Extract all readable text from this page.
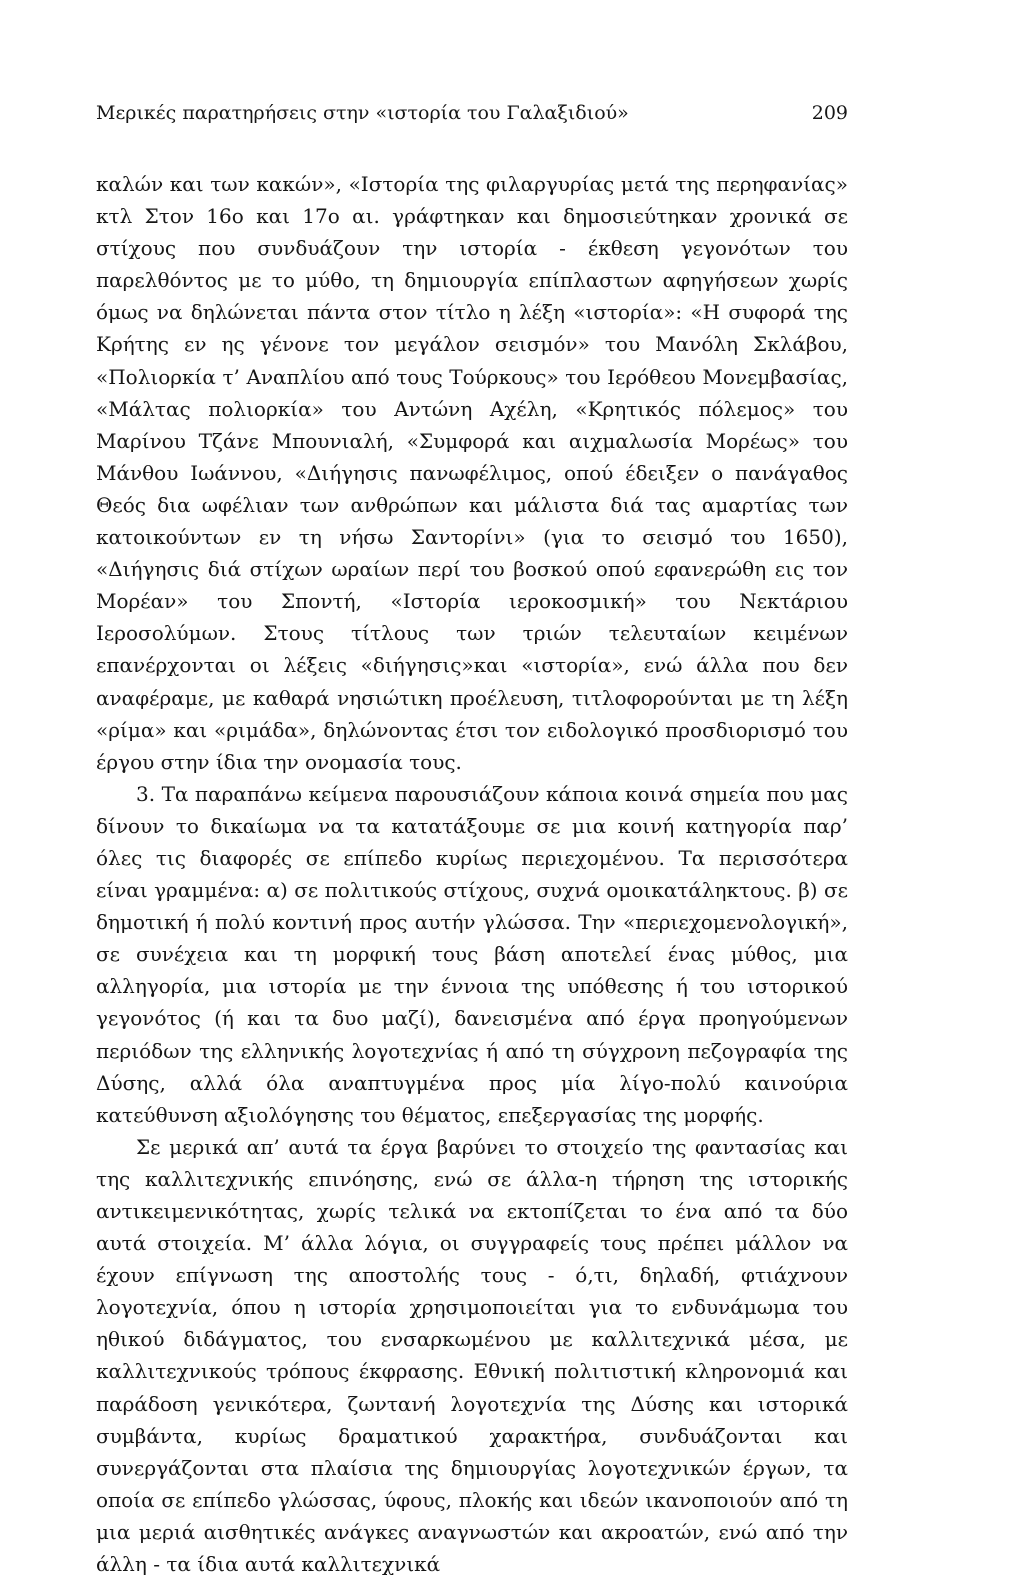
Μερικές παρατηρήσεις στην «ιστορία του Γαλαξιδιού»	209

καλών και των κακών», «Ιστορία της φιλαργυρίας μετά της περηφανίας» κτλ Στον 16ο και 17ο αι. γράφτηκαν και δημοσιεύτηκαν χρονικά σε στίχους που συνδυάζουν την ιστορία - έκθεση γεγονότων του παρελθόντος με το μύθο, τη δημιουργία επίπλαστων αφηγήσεων χωρίς όμως να δηλώνεται πάντα στον τίτλο η λέξη «ιστορία»: «Η συφορά της Κρήτης εν ης γένονε τον μεγάλον σεισμόν» του Μανόλη Σκλάβου, «Πολιορκία τ’ Αναπλίου από τους Τούρκους» του Ιερόθεου Μονεμβασίας, «Μάλτας πολιορκία» του Αντώνη Αχέλη, «Κρητικός πόλεμος» του Μαρίνου Τζάνε Μπουνιαλή, «Συμφορά και αιχμαλωσία Μορέως» του Μάνθου Ιωάννου, «Διήγησις πανωφέλιμος, οπού έδειξεν ο πανάγαθος Θεός δια ωφέλιαν των ανθρώπων και μάλιστα διά τας αμαρτίας των κατοικούντων εν τη νήσω Σαντορίνι» (για το σεισμό του 1650), «Διήγησις διά στίχων ωραίων περί του βοσκού οπού εφανερώθη εις τον Μορέαν» του Σποντή, «Ιστορία ιεροκοσμική» του Νεκτάριου Ιεροσολύμων. Στους τίτλους των τριών τελευταίων κειμένων επανέρχονται οι λέξεις «διήγησις»και «ιστορία», ενώ άλλα που δεν αναφέραμε, με καθαρά νησιώτικη προέλευση, τιτλοφορούνται με τη λέξη «ρίμα» και «ριμάδα», δηλώνοντας έτσι τον ειδολογικό προσδιορισμό του έργου στην ίδια την ονομασία τους.

3. Τα παραπάνω κείμενα παρουσιάζουν κάποια κοινά σημεία που μας δίνουν το δικαίωμα να τα κατατάξουμε σε μια κοινή κατηγορία παρ’ όλες τις διαφορές σε επίπεδο κυρίως περιεχομένου. Τα περισσότερα είναι γραμμένα: α) σε πολιτικούς στίχους, συχνά ομοικατάληκτους. β) σε δημοτική ή πολύ κοντινή προς αυτήν γλώσσα. Την «περιεχομενολογική», σε συνέχεια και τη μορφική τους βάση αποτελεί ένας μύθος, μια αλληγορία, μια ιστορία με την έννοια της υπόθεσης ή του ιστορικού γεγονότος (ή και τα δυο μαζί), δανεισμένα από έργα προηγούμενων περιόδων της ελληνικής λογοτεχνίας ή από τη σύγχρονη πεζογραφία της Δύσης, αλλά όλα αναπτυγμένα προς μία λίγο-πολύ καινούρια κατεύθυνση αξιολόγησης του θέματος, επεξεργασίας της μορφής.

Σε μερικά απ’ αυτά τα έργα βαρύνει το στοιχείο της φαντασίας και της καλλιτεχνικής επινόησης, ενώ σε άλλα-η τήρηση της ιστορικής αντικειμενικότητας, χωρίς τελικά να εκτοπίζεται το ένα από τα δύο αυτά στοιχεία. Μ’ άλλα λόγια, οι συγγραφείς τους πρέπει μάλλον να έχουν επίγνωση της αποστολής τους - ό,τι, δηλαδή, φτιάχνουν λογοτεχνία, όπου η ιστορία χρησιμοποιείται για το ενδυνάμωμα του ηθικού διδάγματος, του ενσαρκωμένου με καλλιτεχνικά μέσα, με καλλιτεχνικούς τρόπους έκφρασης. Εθνική πολιτιστική κληρονομιά και παράδοση γενικότερα, ζωντανή λογοτεχνία της Δύσης και ιστορικά συμβάντα, κυρίως δραματικού χαρακτήρα, συνδυάζονται και συνεργάζονται στα πλαίσια της δημιουργίας λογοτεχνικών έργων, τα οποία σε επίπεδο γλώσσας, ύφους, πλοκής και ιδεών ικανοποιούν από τη μια μεριά αισθητικές ανάγκες αναγνωστών και ακροατών, ενώ από την άλλη - τα ίδια αυτά καλλιτεχνικά
